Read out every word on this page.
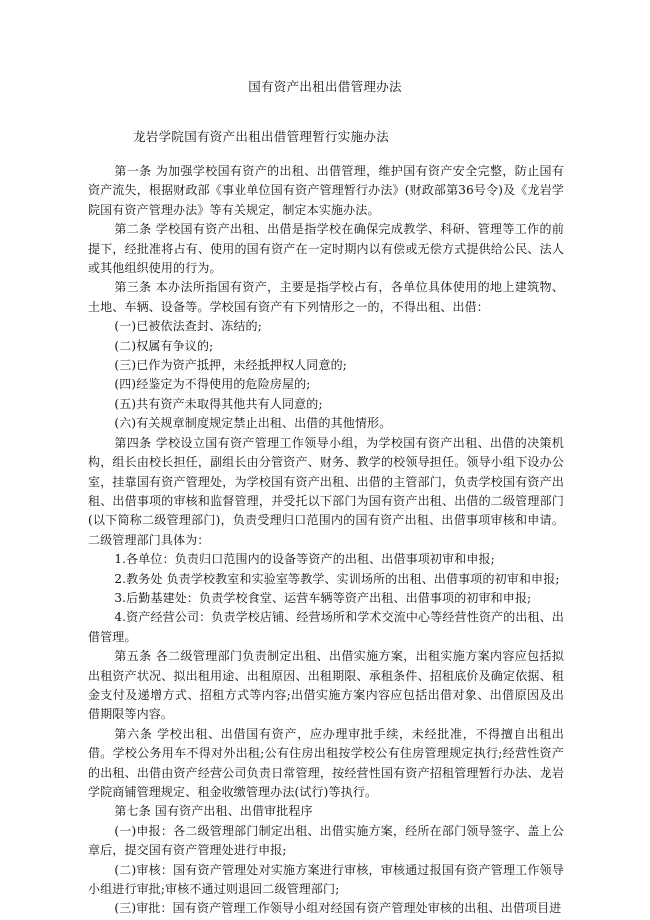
国有资产出租出借管理办法
龙岩学院国有资产出租出借管理暂行实施办法

第一条 为加强学校国有资产的出租、出借管理，维护国有资产安全完整，防止国有资产流失，根据财政部《事业单位国有资产管理暂行办法》(财政部第36号令)及《龙岩学院国有资产管理办法》等有关规定，制定本实施办法。

第二条 学校国有资产出租、出借是指学校在确保完成教学、科研、管理等工作的前提下，经批准将占有、使用的国有资产在一定时期内以有偿或无偿方式提供给公民、法人或其他组织使用的行为。

第三条 本办法所指国有资产，主要是指学校占有，各单位具体使用的地上建筑物、土地、车辆、设备等。学校国有资产有下列情形之一的，不得出租、出借：

(一)已被依法查封、冻结的;

(二)权属有争议的;

(三)已作为资产抵押，未经抵押权人同意的;

(四)经鉴定为不得使用的危险房屋的;

(五)共有资产未取得其他共有人同意的;

(六)有关规章制度规定禁止出租、出借的其他情形。

第四条 学校设立国有资产管理工作领导小组，为学校国有资产出租、出借的决策机构，组长由校长担任，副组长由分管资产、财务、教学的校领导担任。领导小组下设办公室，挂靠国有资产管理处，为学校国有资产出租、出借的主管部门，负责学校国有资产出租、出借事项的审核和监督管理，并受托以下部门为国有资产出租、出借的二级管理部门(以下简称二级管理部门)，负责受理归口范围内的国有资产出租、出借事项审核和申请。二级管理部门具体为：

1.各单位：负责归口范围内的设备等资产的出租、出借事项初审和申报;

2.教务处 负责学校教室和实验室等教学、实训场所的出租、出借事项的初审和申报;

3.后勤基建处：负责学校食堂、运营车辆等资产出租、出借事项的初审和申报;

4.资产经营公司：负责学校店铺、经营场所和学术交流中心等经营性资产的出租、出借管理。

第五条 各二级管理部门负责制定出租、出借实施方案，出租实施方案内容应包括拟出租资产状况、拟出租用途、出租原因、出租期限、承租条件、招租底价及确定依据、租金支付及递增方式、招租方式等内容;出借实施方案内容应包括出借对象、出借原因及出借期限等内容。

第六条 学校出租、出借国有资产，应办理审批手续，未经批准，不得擅自出租出借。学校公务用车不得对外出租;公有住房出租按学校公有住房管理规定执行;经营性资产的出租、出借由资产经营公司负责日常管理，按经营性国有资产招租管理暂行办法、龙岩学院商铺管理规定、租金收缴管理办法(试行)等执行。

第七条 国有资产出租、出借审批程序

(一)申报：各二级管理部门制定出租、出借实施方案，经所在部门领导签字、盖上公章后，提交国有资产管理处进行申报;

(二)审核：国有资产管理处对实施方案进行审核，审核通过报国有资产管理工作领导小组进行审批;审核不通过则退回二级管理部门;

(三)审批：国有资产管理工作领导小组对经国有资产管理处审核的出租、出借项目进
